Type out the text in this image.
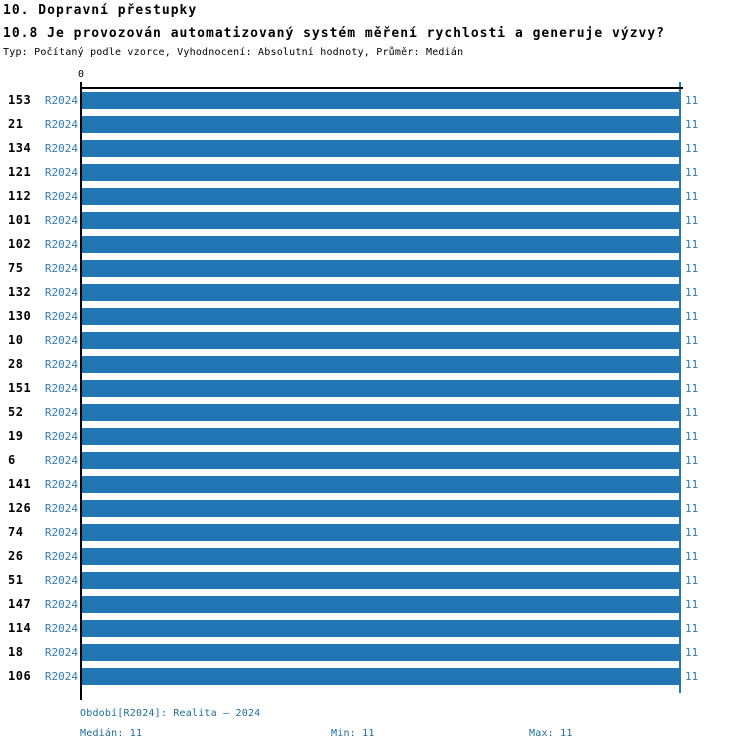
10. Dopravní přestupky
10.8 Je provozován automatizovaný systém měření rychlosti a generuje výzvy?
Typ: Počítaný podle vzorce, Vyhodnocení: Absolutní hodnoty, Průměr: Medián
0
153	R2024	11
21	R2024	11
134	R2024	11
121	R2024	11
112	R2024	11
101	R2024	11
102	R2024	11
75	R2024	11
132	R2024	11
130	R2024	11
10	R2024	11
28	R2024	11
151	R2024	11
52	R2024	11
19	R2024	11
6	R2024	11
141	R2024	11
126	R2024	11
74	R2024	11
26	R2024	11
51	R2024	11
147	R2024	11
114	R2024	11
18	R2024	11
106	R2024	11
Období[R2024]: Realita – 2024
Medián: 11	Min: 11	Max: 11
